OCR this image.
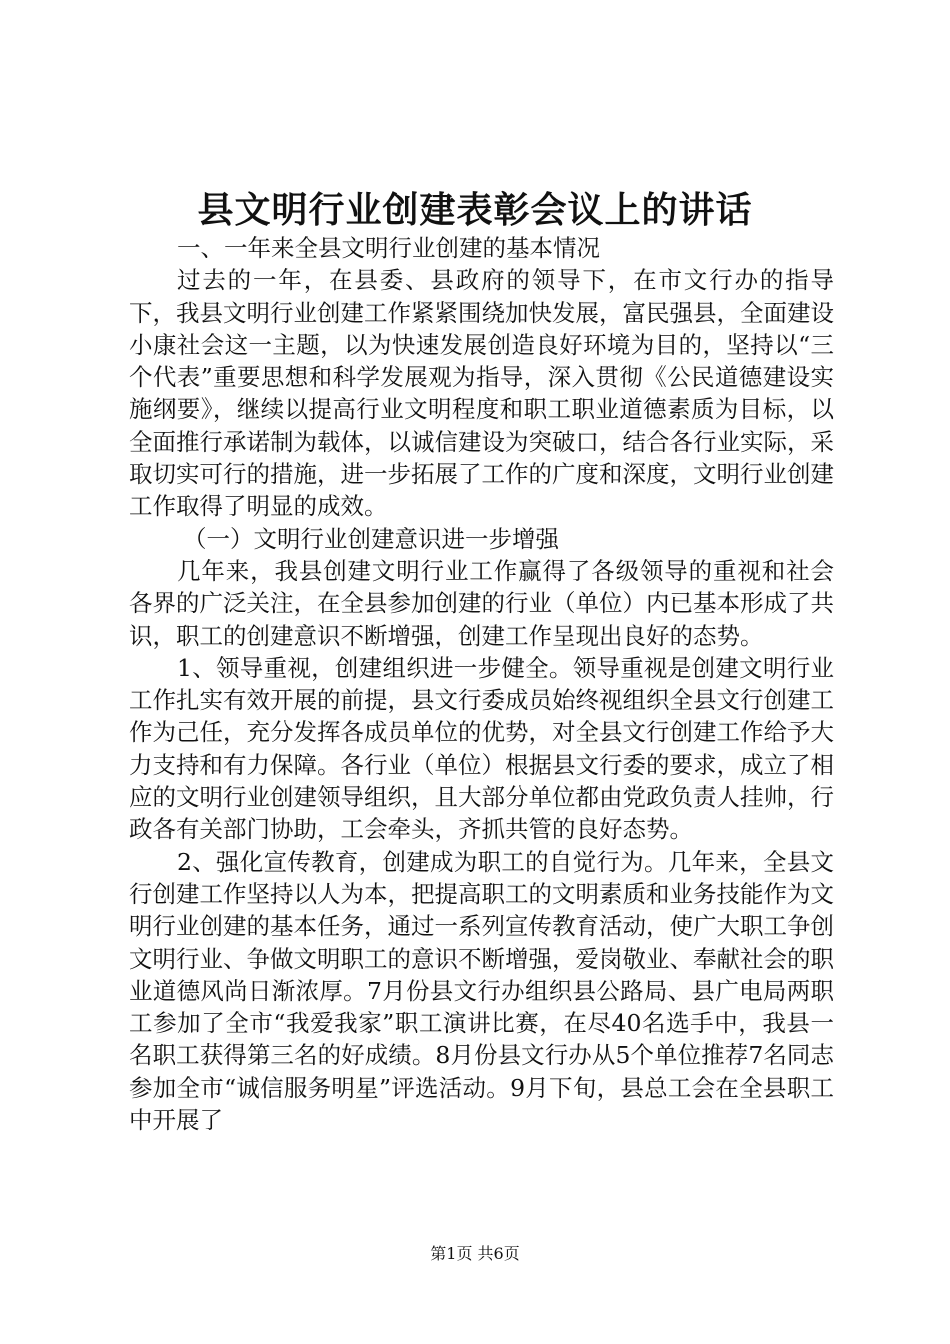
县文明行业创建表彰会议上的讲话

一、一年来全县文明行业创建的基本情况

过去的一年，在县委、县政府的领导下，在市文行办的指导下，我县文明行业创建工作紧紧围绕加快发展，富民强县，全面建设小康社会这一主题，以为快速发展创造良好环境为目的，坚持以“三个代表”重要思想和科学发展观为指导，深入贯彻《公民道德建设实施纲要》，继续以提高行业文明程度和职工职业道德素质为目标，以全面推行承诺制为载体，以诚信建设为突破口，结合各行业实际，采取切实可行的措施，进一步拓展了工作的广度和深度，文明行业创建工作取得了明显的成效。

（一）文明行业创建意识进一步增强

几年来，我县创建文明行业工作赢得了各级领导的重视和社会各界的广泛关注，在全县参加创建的行业（单位）内已基本形成了共识，职工的创建意识不断增强，创建工作呈现出良好的态势。

1、领导重视，创建组织进一步健全。领导重视是创建文明行业工作扎实有效开展的前提，县文行委成员始终视组织全县文行创建工作为己任，充分发挥各成员单位的优势，对全县文行创建工作给予大力支持和有力保障。各行业（单位）根据县文行委的要求，成立了相应的文明行业创建领导组织，且大部分单位都由党政负责人挂帅，行政各有关部门协助，工会牵头，齐抓共管的良好态势。

2、强化宣传教育，创建成为职工的自觉行为。几年来，全县文行创建工作坚持以人为本，把提高职工的文明素质和业务技能作为文明行业创建的基本任务，通过一系列宣传教育活动，使广大职工争创文明行业、争做文明职工的意识不断增强，爱岗敬业、奉献社会的职业道德风尚日渐浓厚。7月份县文行办组织县公路局、县广电局两职工参加了全市“我爱我家”职工演讲比赛，在尽40名选手中，我县一名职工获得第三名的好成绩。8月份县文行办从5个单位推荐7名同志参加全市“诚信服务明星”评选活动。9月下旬，县总工会在全县职工中开展了

第1页 共6页
